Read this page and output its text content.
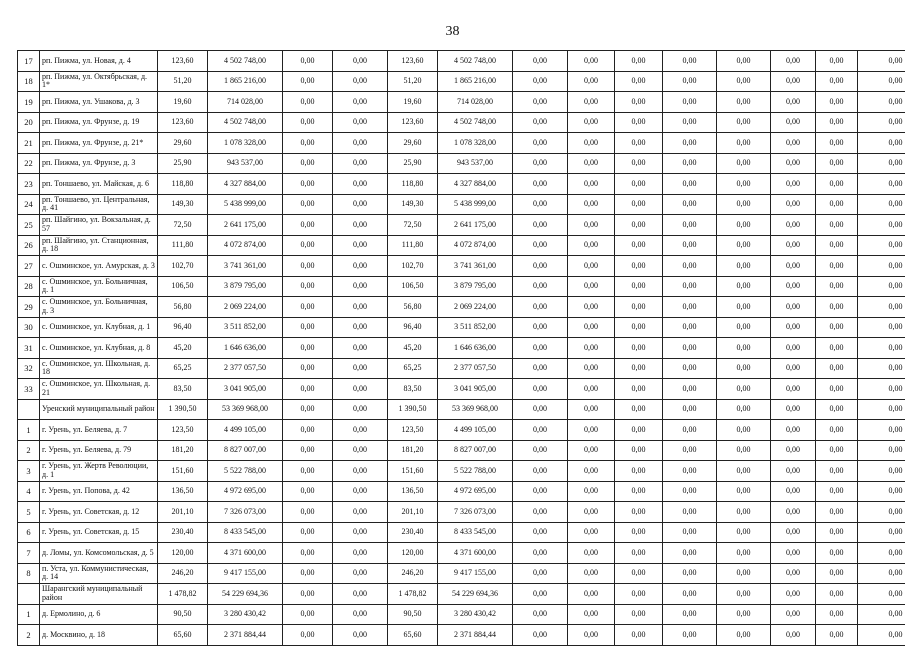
38
17	рп. Пижма, ул. Новая, д. 4	123,60	4 502 748,00	0,00	0,00	123,60	4 502 748,00	0,00	0,00	0,00	0,00	0,00	0,00	0,00	0,00
18	рп. Пижма, ул. Октябрьская, д. 1*	51,20	1 865 216,00	0,00	0,00	51,20	1 865 216,00	0,00	0,00	0,00	0,00	0,00	0,00	0,00	0,00
19	рп. Пижма, ул. Ушакова, д. 3	19,60	714 028,00	0,00	0,00	19,60	714 028,00	0,00	0,00	0,00	0,00	0,00	0,00	0,00	0,00
20	рп. Пижма, ул. Фрунзе, д. 19	123,60	4 502 748,00	0,00	0,00	123,60	4 502 748,00	0,00	0,00	0,00	0,00	0,00	0,00	0,00	0,00
21	рп. Пижма, ул. Фрунзе, д. 21*	29,60	1 078 328,00	0,00	0,00	29,60	1 078 328,00	0,00	0,00	0,00	0,00	0,00	0,00	0,00	0,00
22	рп. Пижма, ул. Фрунзе, д. 3	25,90	943 537,00	0,00	0,00	25,90	943 537,00	0,00	0,00	0,00	0,00	0,00	0,00	0,00	0,00
23	рп. Тоншаево, ул. Майская, д. 6	118,80	4 327 884,00	0,00	0,00	118,80	4 327 884,00	0,00	0,00	0,00	0,00	0,00	0,00	0,00	0,00
24	рп. Тоншаево, ул. Центральная, д. 41	149,30	5 438 999,00	0,00	0,00	149,30	5 438 999,00	0,00	0,00	0,00	0,00	0,00	0,00	0,00	0,00
25	рп. Шайгино, ул. Вокзальная, д. 57	72,50	2 641 175,00	0,00	0,00	72,50	2 641 175,00	0,00	0,00	0,00	0,00	0,00	0,00	0,00	0,00
26	рп. Шайгино, ул. Станционная, д. 18	111,80	4 072 874,00	0,00	0,00	111,80	4 072 874,00	0,00	0,00	0,00	0,00	0,00	0,00	0,00	0,00
27	с. Ошминское, ул. Амурская, д. 3	102,70	3 741 361,00	0,00	0,00	102,70	3 741 361,00	0,00	0,00	0,00	0,00	0,00	0,00	0,00	0,00
28	с. Ошминское, ул. Больничная, д. 1	106,50	3 879 795,00	0,00	0,00	106,50	3 879 795,00	0,00	0,00	0,00	0,00	0,00	0,00	0,00	0,00
29	с. Ошминское, ул. Больничная, д. 3	56,80	2 069 224,00	0,00	0,00	56,80	2 069 224,00	0,00	0,00	0,00	0,00	0,00	0,00	0,00	0,00
30	с. Ошминское, ул. Клубная, д. 1	96,40	3 511 852,00	0,00	0,00	96,40	3 511 852,00	0,00	0,00	0,00	0,00	0,00	0,00	0,00	0,00
31	с. Ошминское, ул. Клубная, д. 8	45,20	1 646 636,00	0,00	0,00	45,20	1 646 636,00	0,00	0,00	0,00	0,00	0,00	0,00	0,00	0,00
32	с. Ошминское, ул. Школьная, д. 18	65,25	2 377 057,50	0,00	0,00	65,25	2 377 057,50	0,00	0,00	0,00	0,00	0,00	0,00	0,00	0,00
33	с. Ошминское, ул. Школьная, д. 21	83,50	3 041 905,00	0,00	0,00	83,50	3 041 905,00	0,00	0,00	0,00	0,00	0,00	0,00	0,00	0,00
	Уренский муниципальный район	1 390,50	53 369 968,00	0,00	0,00	1 390,50	53 369 968,00	0,00	0,00	0,00	0,00	0,00	0,00	0,00	0,00
1	г. Урень, ул. Беляева, д. 7	123,50	4 499 105,00	0,00	0,00	123,50	4 499 105,00	0,00	0,00	0,00	0,00	0,00	0,00	0,00	0,00
2	г. Урень, ул. Беляева, д. 79	181,20	8 827 007,00	0,00	0,00	181,20	8 827 007,00	0,00	0,00	0,00	0,00	0,00	0,00	0,00	0,00
3	г. Урень, ул. Жертв Революции, д. 1	151,60	5 522 788,00	0,00	0,00	151,60	5 522 788,00	0,00	0,00	0,00	0,00	0,00	0,00	0,00	0,00
4	г. Урень, ул. Попова, д. 42	136,50	4 972 695,00	0,00	0,00	136,50	4 972 695,00	0,00	0,00	0,00	0,00	0,00	0,00	0,00	0,00
5	г. Урень, ул. Советская, д. 12	201,10	7 326 073,00	0,00	0,00	201,10	7 326 073,00	0,00	0,00	0,00	0,00	0,00	0,00	0,00	0,00
6	г. Урень, ул. Советская, д. 15	230,40	8 433 545,00	0,00	0,00	230,40	8 433 545,00	0,00	0,00	0,00	0,00	0,00	0,00	0,00	0,00
7	д. Ломы, ул. Комсомольская, д. 5	120,00	4 371 600,00	0,00	0,00	120,00	4 371 600,00	0,00	0,00	0,00	0,00	0,00	0,00	0,00	0,00
8	п. Уста, ул. Коммунистическая, д. 14	246,20	9 417 155,00	0,00	0,00	246,20	9 417 155,00	0,00	0,00	0,00	0,00	0,00	0,00	0,00	0,00
	Шарангский муниципальный район	1 478,82	54 229 694,36	0,00	0,00	1 478,82	54 229 694,36	0,00	0,00	0,00	0,00	0,00	0,00	0,00	0,00
1	д. Ермолино, д. 6	90,50	3 280 430,42	0,00	0,00	90,50	3 280 430,42	0,00	0,00	0,00	0,00	0,00	0,00	0,00	0,00
2	д. Москвино, д. 18	65,60	2 371 884,44	0,00	0,00	65,60	2 371 884,44	0,00	0,00	0,00	0,00	0,00	0,00	0,00	0,00
